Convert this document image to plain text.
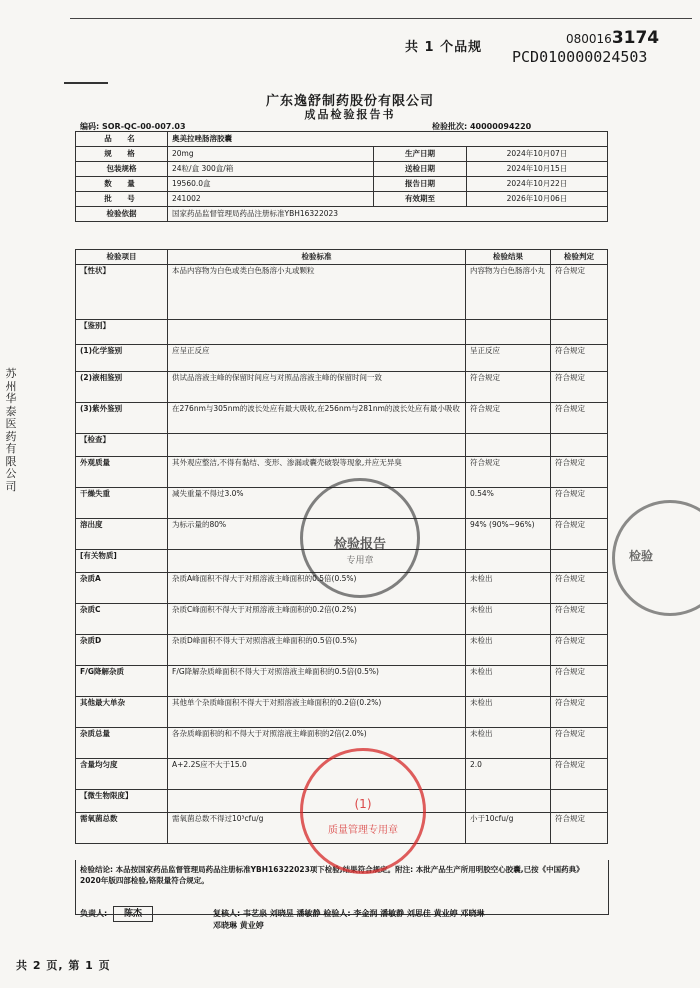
共 1 个品规
0800163174
PCD010000024503
广东逸舒制药股份有限公司
成品检验报告书
编码: SOR-QC-00-007.03	检验批次: 40000094220
苏州华泰医药有限公司
品　名	奥美拉唑肠溶胶囊		
规　格	20mg	生产日期	2024年10月07日
包装规格	24粒/盒 300盒/箱	送检日期	2024年10月15日
数　量	19560.0盒	报告日期	2024年10月22日
批　号	241002	有效期至	2026年10月06日
检验依据	国家药品监督管理局药品注册标准YBH16322023		
检验项目	检验标准	检验结果	检验判定
【性状】	本品内容物为白色或类白色肠溶小丸或颗粒	内容物为白色肠溶小丸	符合规定
【鉴别】			
(1)化学鉴别	应呈正反应	呈正反应	符合规定
(2)液相鉴别	供试品溶液主峰的保留时间应与对照品溶液主峰的保留时间一致	符合规定	符合规定
(3)紫外鉴别	在276nm与305nm的波长处应有最大吸收,在256nm与281nm的波长处应有最小吸收	符合规定	符合规定
【检查】			
外观质量	其外观应整洁,不得有黏结、变形、渗漏或囊壳破裂等现象,并应无异臭	符合规定	符合规定
干燥失重	减失重量不得过3.0%	0.54%	符合规定
溶出度	为标示量的80%	94% (90%~96%)	符合规定
[有关物质]			
杂质A	杂质A峰面积不得大于对照溶液主峰面积的0.5倍(0.5%)	未检出	符合规定
杂质C	杂质C峰面积不得大于对照溶液主峰面积的0.2倍(0.2%)	未检出	符合规定
杂质D	杂质D峰面积不得大于对照溶液主峰面积的0.5倍(0.5%)	未检出	符合规定
F/G降解杂质	F/G降解杂质峰面积不得大于对照溶液主峰面积的0.5倍(0.5%)	未检出	符合规定
其他最大单杂	其他单个杂质峰面积不得大于对照溶液主峰面积的0.2倍(0.2%)	未检出	符合规定
杂质总量	各杂质峰面积的和不得大于对照溶液主峰面积的2倍(2.0%)	未检出	符合规定
含量均匀度	A+2.2S应不大于15.0	2.0	符合规定
【微生物限度】			
需氧菌总数	需氧菌总数不得过10³cfu/g	小于10cfu/g	符合规定
检验结论: 本品按国家药品监督管理局药品注册标准YBH16322023项下检验,结果符合规定。附注: 本批产品生产所用明胶空心胶囊,已按《中国药典》2020年版四部检验,铬限量符合规定。
负责人:	陈杰	复核人: 韦艺泉 刘晓昱 潘敏静 检验人: 李金润 潘敏静 刘思佳 黄业婷 邓晓琳
邓晓琳 黄业婷
检验报告
专用章
(1)
质量管理专用章
检验
共 2 页, 第 1 页
